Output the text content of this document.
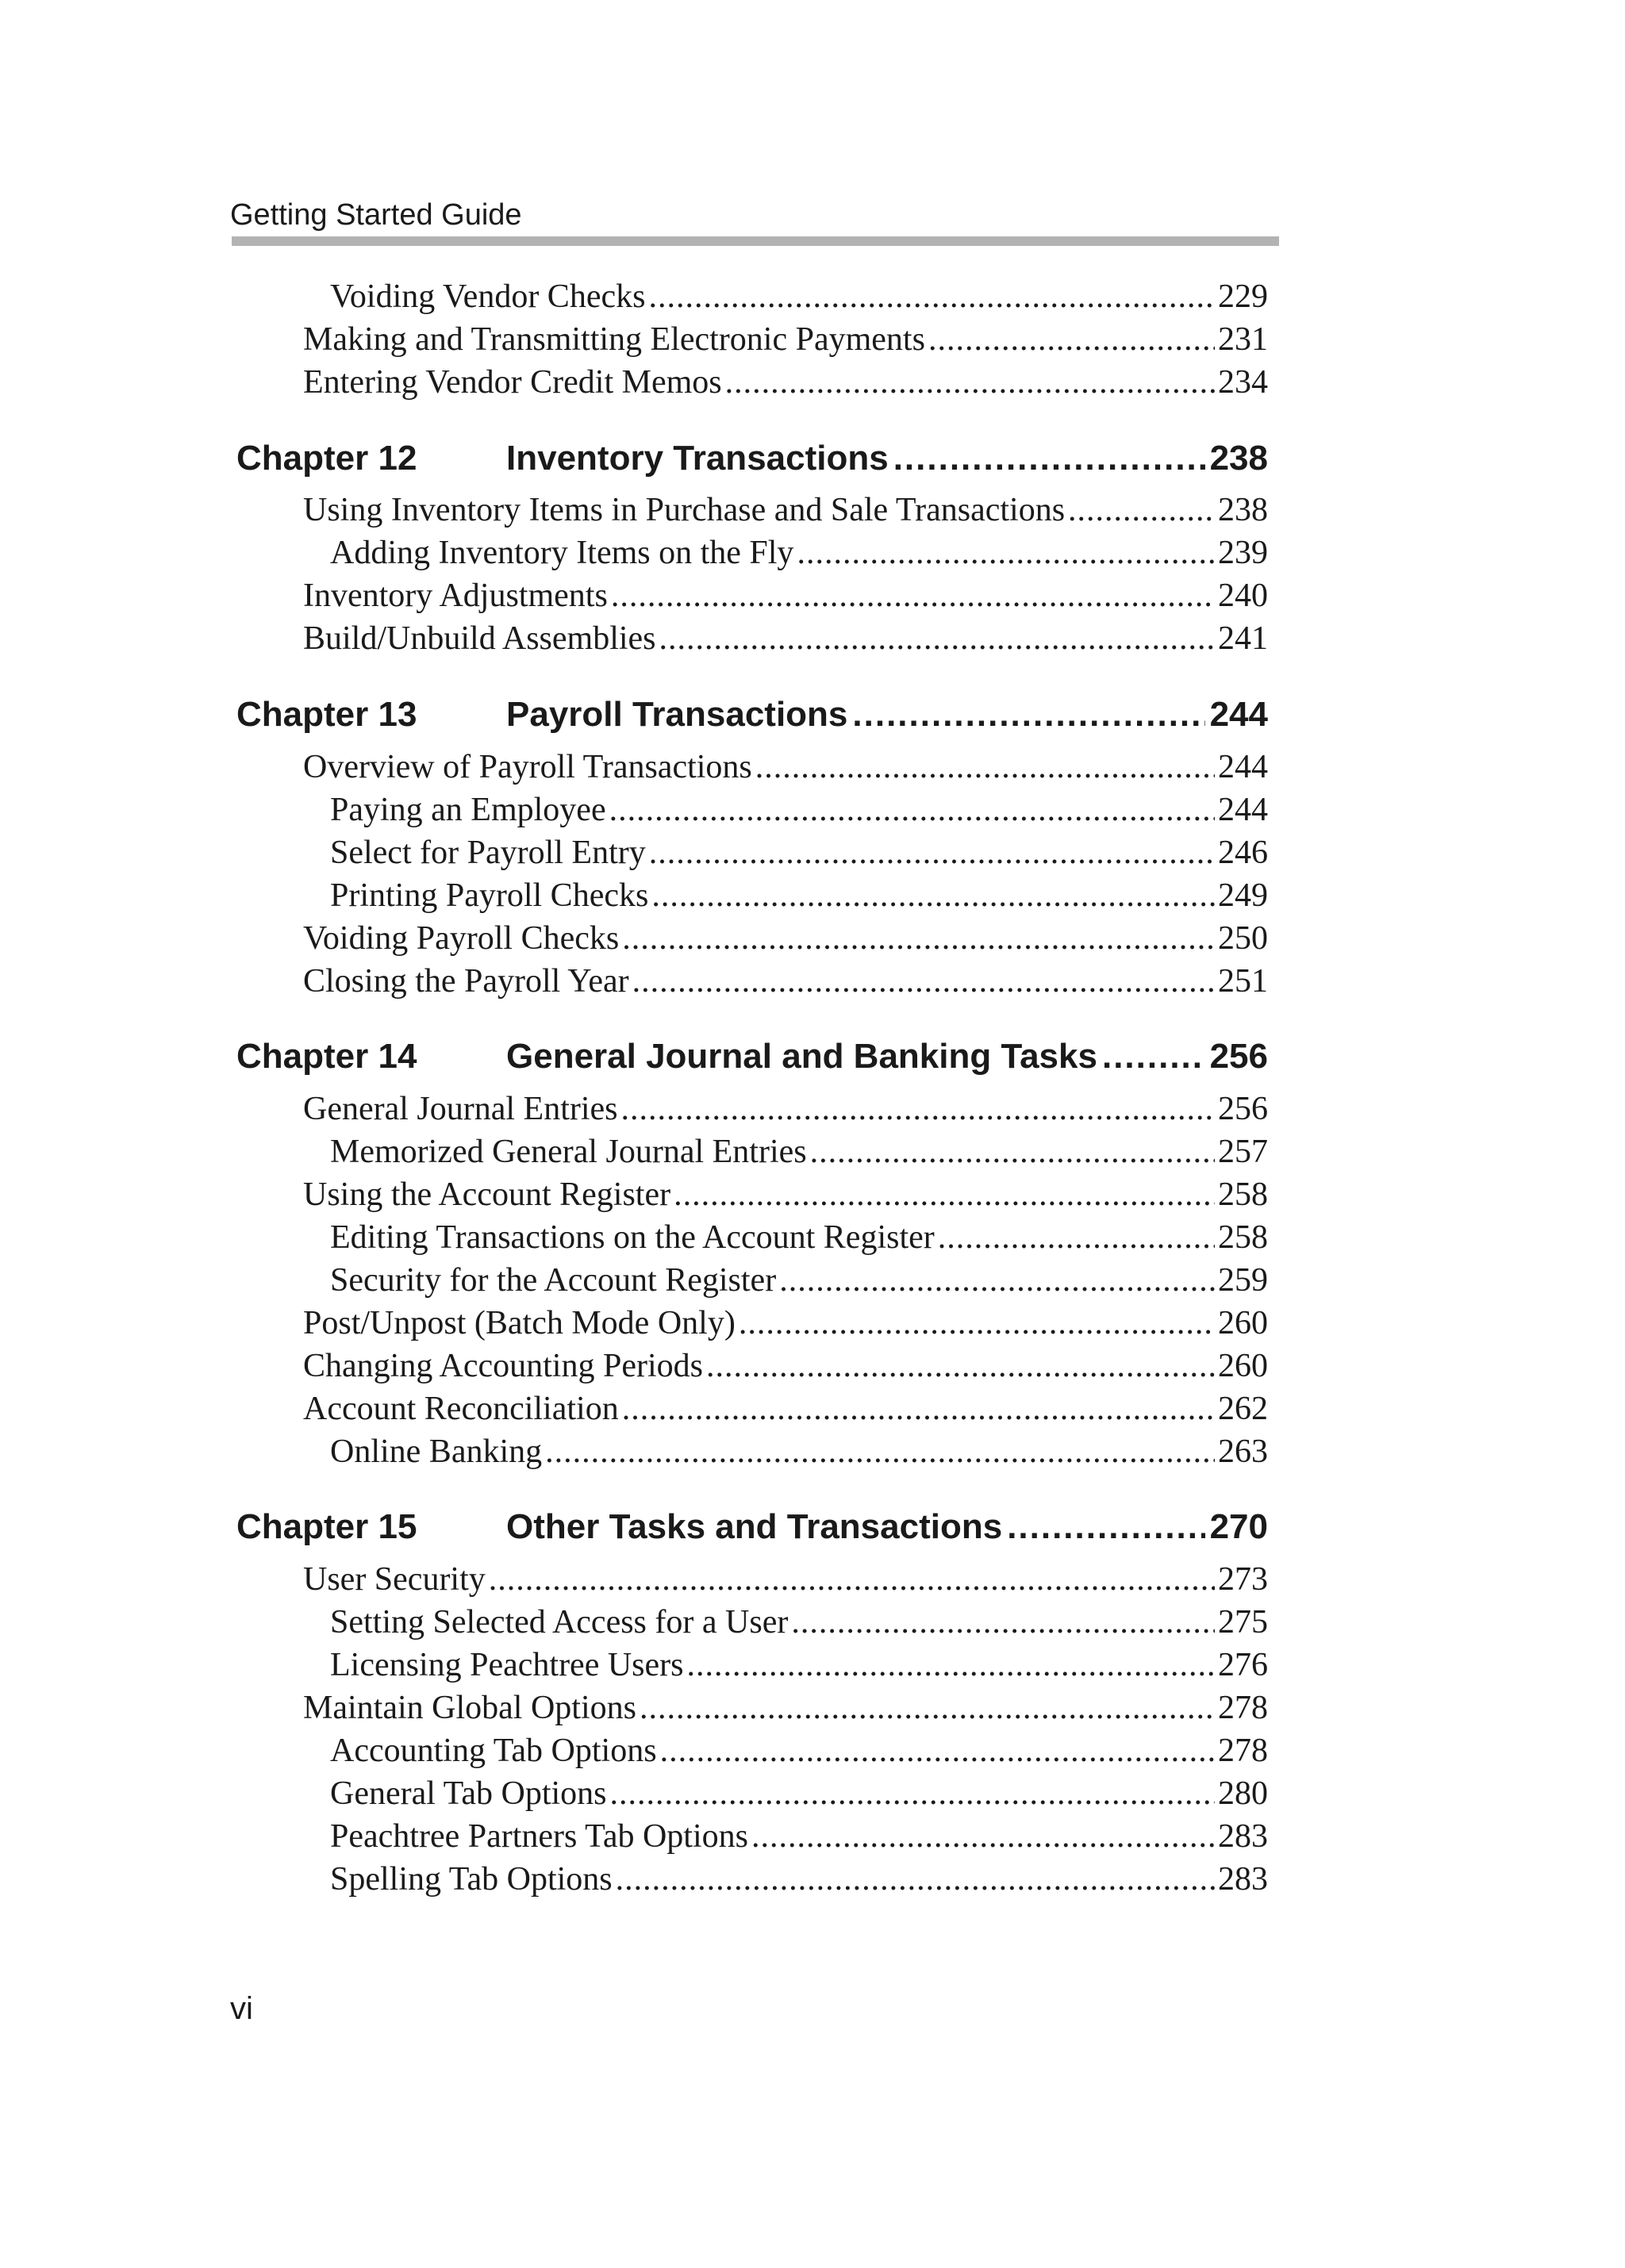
Getting Started Guide
Voiding Vendor Checks .....	229
Making and Transmitting Electronic Payments .....	231
Entering Vendor Credit Memos .....	234
Chapter 12	Inventory Transactions .....	238
Using Inventory Items in Purchase and Sale Transactions .....	238
Adding Inventory Items on the Fly .....	239
Inventory Adjustments .....	240
Build/Unbuild Assemblies .....	241
Chapter 13	Payroll Transactions .....	244
Overview of Payroll Transactions .....	244
Paying an Employee .....	244
Select for Payroll Entry .....	246
Printing Payroll Checks .....	249
Voiding Payroll Checks .....	250
Closing the Payroll Year .....	251
Chapter 14	General Journal and Banking Tasks .....	256
General Journal Entries .....	256
Memorized General Journal Entries .....	257
Using the Account Register .....	258
Editing Transactions on the Account Register .....	258
Security for the Account Register .....	259
Post/Unpost (Batch Mode Only) .....	260
Changing Accounting Periods .....	260
Account Reconciliation .....	262
Online Banking .....	263
Chapter 15	Other Tasks and Transactions .....	270
User Security .....	273
Setting Selected Access for a User .....	275
Licensing Peachtree Users .....	276
Maintain Global Options .....	278
Accounting Tab Options .....	278
General Tab Options .....	280
Peachtree Partners Tab Options .....	283
Spelling Tab Options .....	283
vi
